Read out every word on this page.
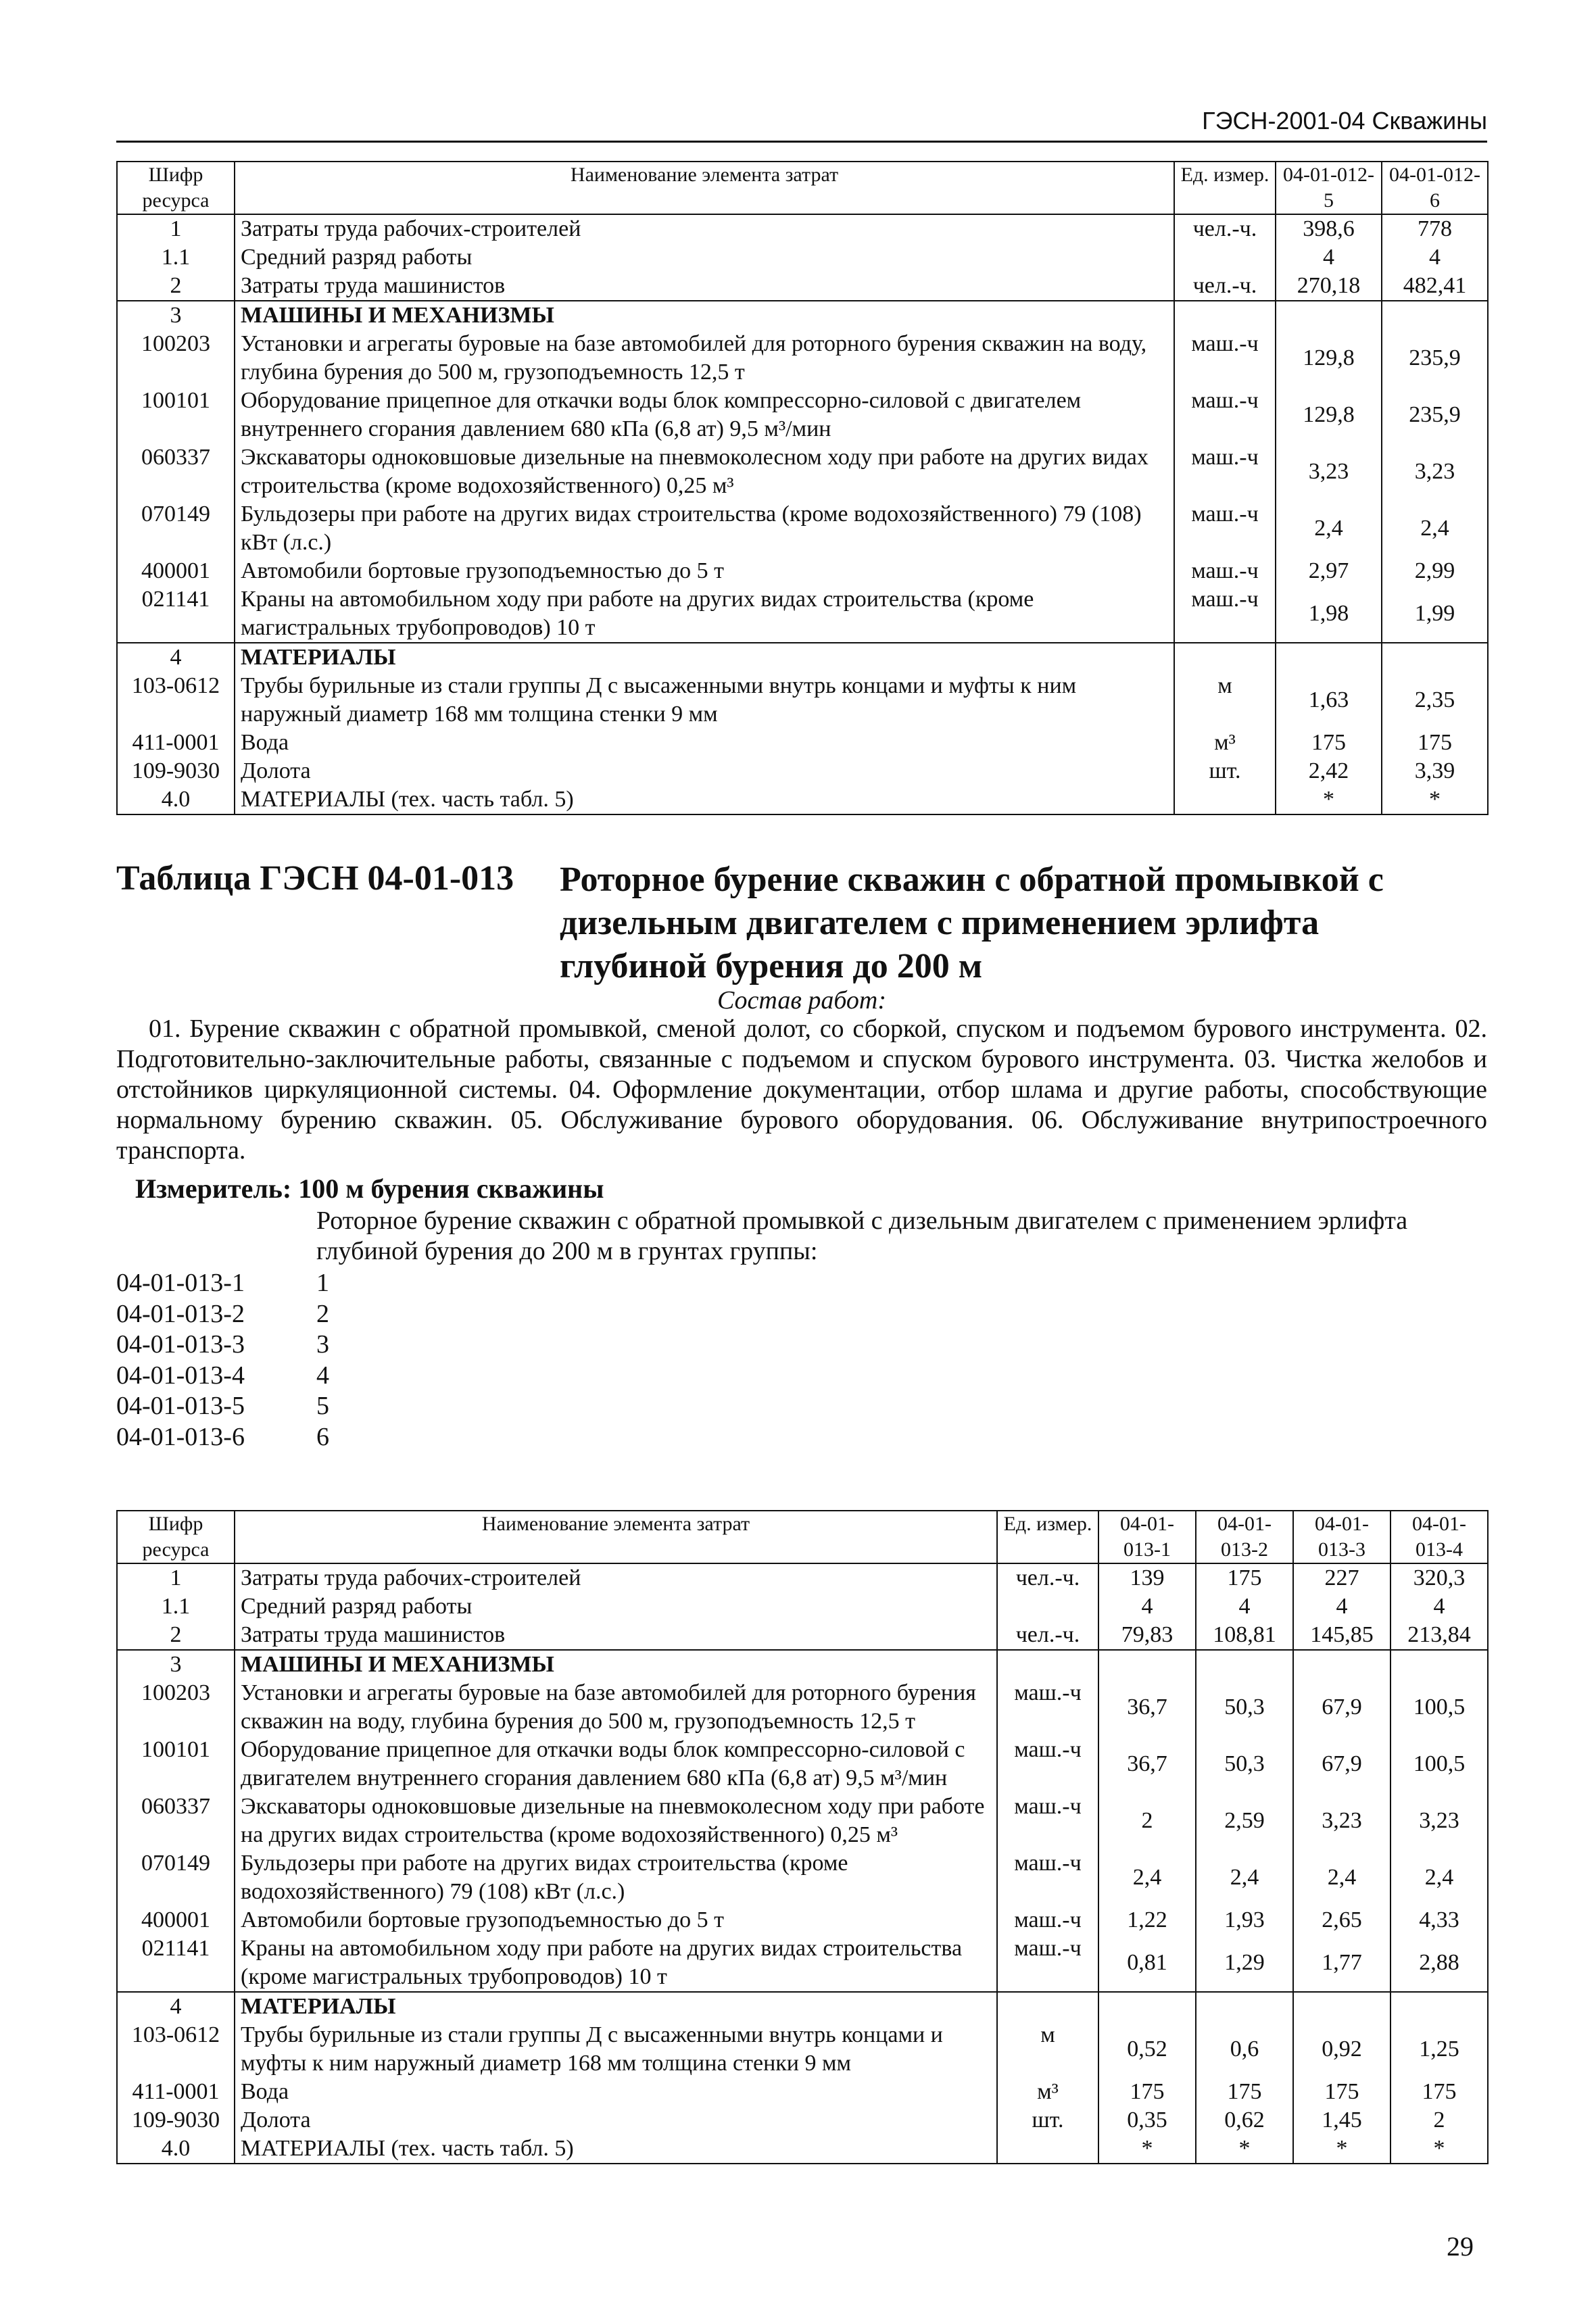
ГЭСН-2001-04 Скважины
Шифр ресурса	Наименование элемента затрат	Ед. измер.	04-01-012-5	04-01-012-6
1	Затраты труда рабочих-строителей	чел.-ч.	398,6	778
1.1	Средний разряд работы		4	4
2	Затраты труда машинистов	чел.-ч.	270,18	482,41
3	МАШИНЫ И МЕХАНИЗМЫ			
100203	Установки и агрегаты буровые на базе автомобилей для роторного бурения скважин на воду, глубина бурения до 500 м, грузоподъемность 12,5 т	маш.-ч	129,8	235,9
100101	Оборудование прицепное для откачки воды блок компрессорно-силовой с двигателем внутреннего сгорания давлением 680 кПа (6,8 ат) 9,5 м³/мин	маш.-ч	129,8	235,9
060337	Экскаваторы одноковшовые дизельные на пневмоколесном ходу при работе на других видах строительства (кроме водохозяйственного) 0,25 м³	маш.-ч	3,23	3,23
070149	Бульдозеры при работе на других видах строительства (кроме водохозяйственного) 79 (108) кВт (л.с.)	маш.-ч	2,4	2,4
400001	Автомобили бортовые грузоподъемностью до 5 т	маш.-ч	2,97	2,99
021141	Краны на автомобильном ходу при работе на других видах строительства (кроме магистральных трубопроводов) 10 т	маш.-ч	1,98	1,99
4	МАТЕРИАЛЫ			
103-0612	Трубы бурильные из стали группы Д с высаженными внутрь концами и муфты к ним наружный диаметр 168 мм толщина стенки 9 мм	м	1,63	2,35
411-0001	Вода	м³	175	175
109-9030	Долота	шт.	2,42	3,39
4.0	МАТЕРИАЛЫ (тех. часть табл. 5)		*	*
Таблица ГЭСН 04-01-013 Роторное бурение скважин с обратной промывкой с дизельным двигателем с применением эрлифта глубиной бурения до 200 м
Состав работ:

01. Бурение скважин с обратной промывкой, сменой долот, со сборкой, спуском и подъемом бурового инструмента. 02. Подготовительно-заключительные работы, связанные с подъемом и спуском бурового инструмента. 03. Чистка желобов и отстойников циркуляционной системы. 04. Оформление документации, отбор шлама и другие работы, способствующие нормальному бурению скважин. 05. Обслуживание бурового оборудования. 06. Обслуживание внутрипостроечного транспорта.

Измеритель: 100 м бурения скважины
Роторное бурение скважин с обратной промывкой с дизельным двигателем с применением эрлифта глубиной бурения до 200 м в грунтах группы:
04-01-013-1	1
04-01-013-2	2
04-01-013-3	3
04-01-013-4	4
04-01-013-5	5
04-01-013-6	6
Шифр ресурса	Наименование элемента затрат	Ед. измер.	04-01-013-1	04-01-013-2	04-01-013-3	04-01-013-4
1	Затраты труда рабочих-строителей	чел.-ч.	139	175	227	320,3
1.1	Средний разряд работы		4	4	4	4
2	Затраты труда машинистов	чел.-ч.	79,83	108,81	145,85	213,84
3	МАШИНЫ И МЕХАНИЗМЫ					
100203	Установки и агрегаты буровые на базе автомобилей для роторного бурения скважин на воду, глубина бурения до 500 м, грузоподъемность 12,5 т	маш.-ч	36,7	50,3	67,9	100,5
100101	Оборудование прицепное для откачки воды блок компрессорно-силовой с двигателем внутреннего сгорания давлением 680 кПа (6,8 ат) 9,5 м³/мин	маш.-ч	36,7	50,3	67,9	100,5
060337	Экскаваторы одноковшовые дизельные на пневмоколесном ходу при работе на других видах строительства (кроме водохозяйственного) 0,25 м³	маш.-ч	2	2,59	3,23	3,23
070149	Бульдозеры при работе на других видах строительства (кроме водохозяйственного) 79 (108) кВт (л.с.)	маш.-ч	2,4	2,4	2,4	2,4
400001	Автомобили бортовые грузоподъемностью до 5 т	маш.-ч	1,22	1,93	2,65	4,33
021141	Краны на автомобильном ходу при работе на других видах строительства (кроме магистральных трубопроводов) 10 т	маш.-ч	0,81	1,29	1,77	2,88
4	МАТЕРИАЛЫ					
103-0612	Трубы бурильные из стали группы Д с высаженными внутрь концами и муфты к ним наружный диаметр 168 мм толщина стенки 9 мм	м	0,52	0,6	0,92	1,25
411-0001	Вода	м³	175	175	175	175
109-9030	Долота	шт.	0,35	0,62	1,45	2
4.0	МАТЕРИАЛЫ (тех. часть табл. 5)		*	*	*	*
29
